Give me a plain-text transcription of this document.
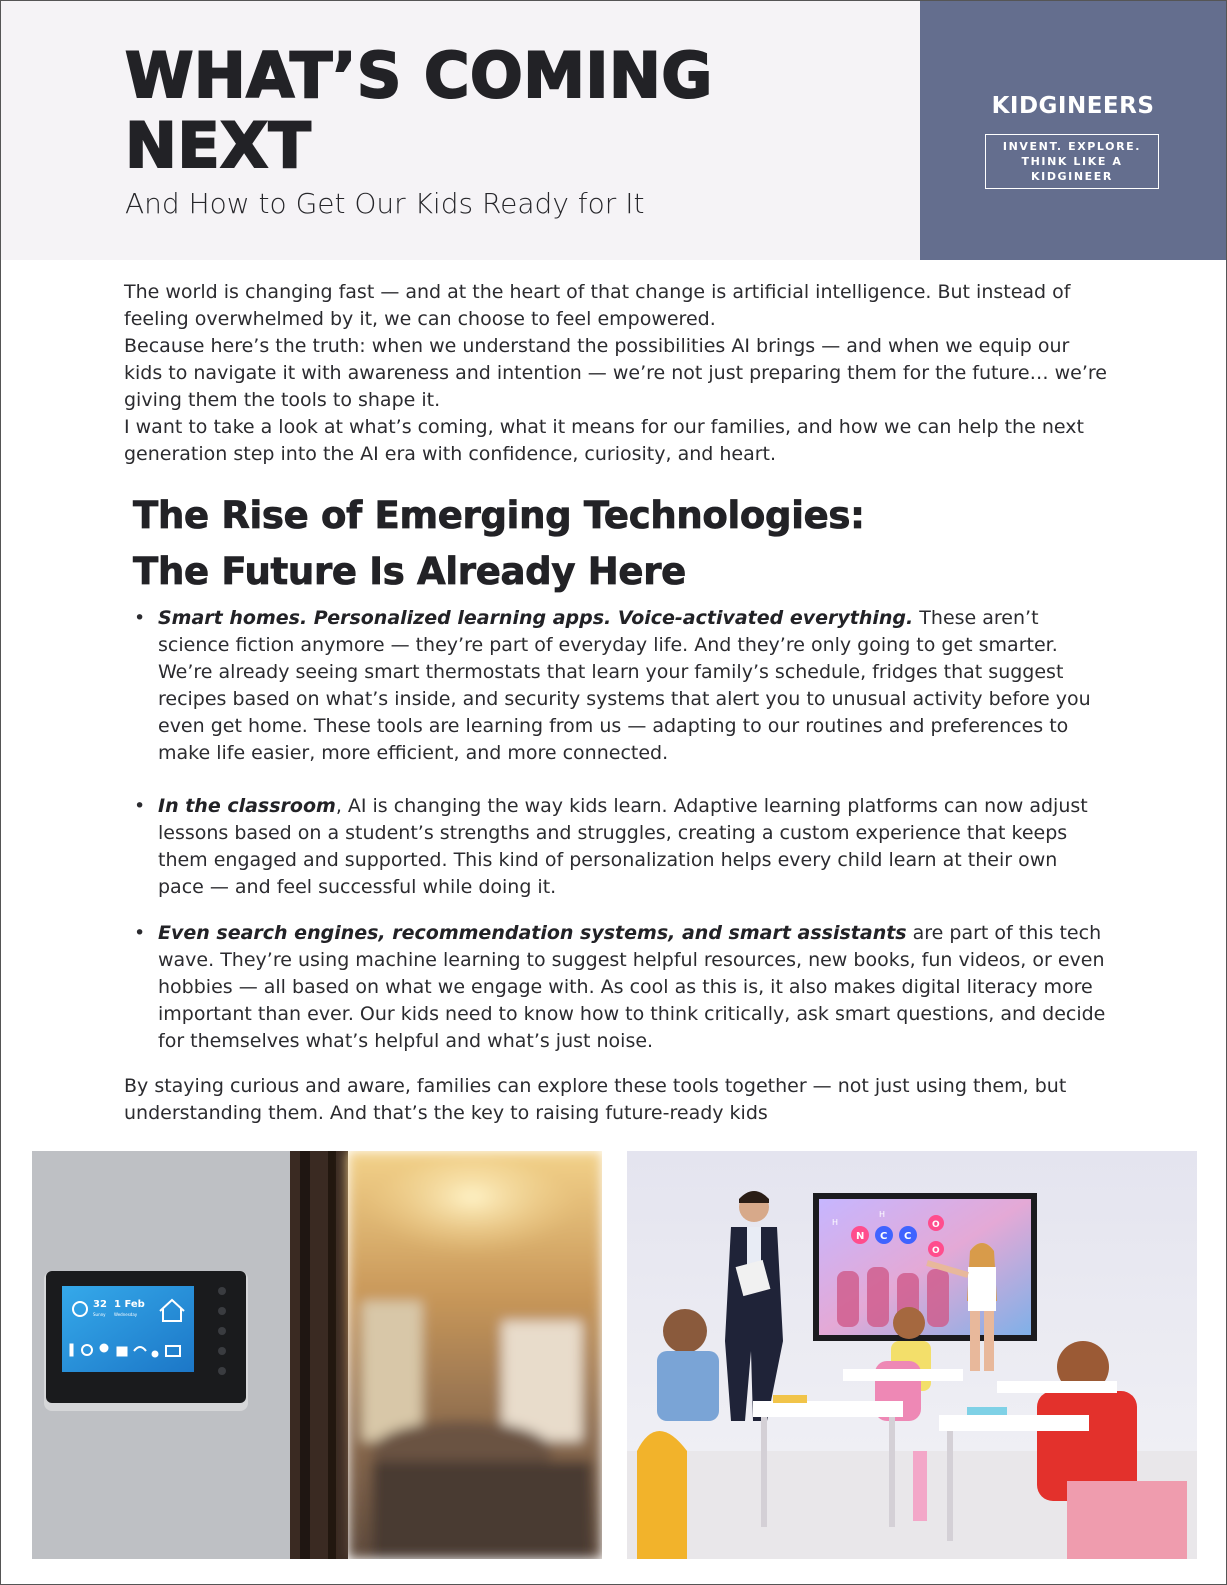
WHAT’S COMING
NEXT
And How to Get Our Kids Ready for It
KIDGINEERS
INVENT. EXPLORE. THINK LIKE A KIDGINEER
The world is changing fast — and at the heart of that change is artificial intelligence. But instead of feeling overwhelmed by it, we can choose to feel empowered.
Because here’s the truth: when we understand the possibilities AI brings — and when we equip our kids to navigate it with awareness and intention — we’re not just preparing them for the future… we’re giving them the tools to shape it.
I want to take a look at what’s coming, what it means for our families, and how we can help the next generation step into the AI era with confidence, curiosity, and heart.
The Rise of Emerging Technologies:
The Future Is Already Here
• Smart homes. Personalized learning apps. Voice-activated everything. These aren’t science fiction anymore — they’re part of everyday life. And they’re only going to get smarter. We’re already seeing smart thermostats that learn your family’s schedule, fridges that suggest recipes based on what’s inside, and security systems that alert you to unusual activity before you even get home. These tools are learning from us — adapting to our routines and preferences to make life easier, more efficient, and more connected.
• In the classroom, AI is changing the way kids learn. Adaptive learning platforms can now adjust lessons based on a student’s strengths and struggles, creating a custom experience that keeps them engaged and supported. This kind of personalization helps every child learn at their own pace — and feel successful while doing it.
• Even search engines, recommendation systems, and smart assistants are part of this tech wave. They’re using machine learning to suggest helpful resources, new books, fun videos, or even hobbies — all based on what we engage with. As cool as this is, it also makes digital literacy more important than ever. Our kids need to know how to think critically, ask smart questions, and decide for themselves what’s helpful and what’s just noise.

By staying curious and aware, families can explore these tools together — not just using them, but understanding them. And that’s the key to raising future-ready kids

32
Sunny
1 Feb
Wednesday
N C C
O
O
H
H
